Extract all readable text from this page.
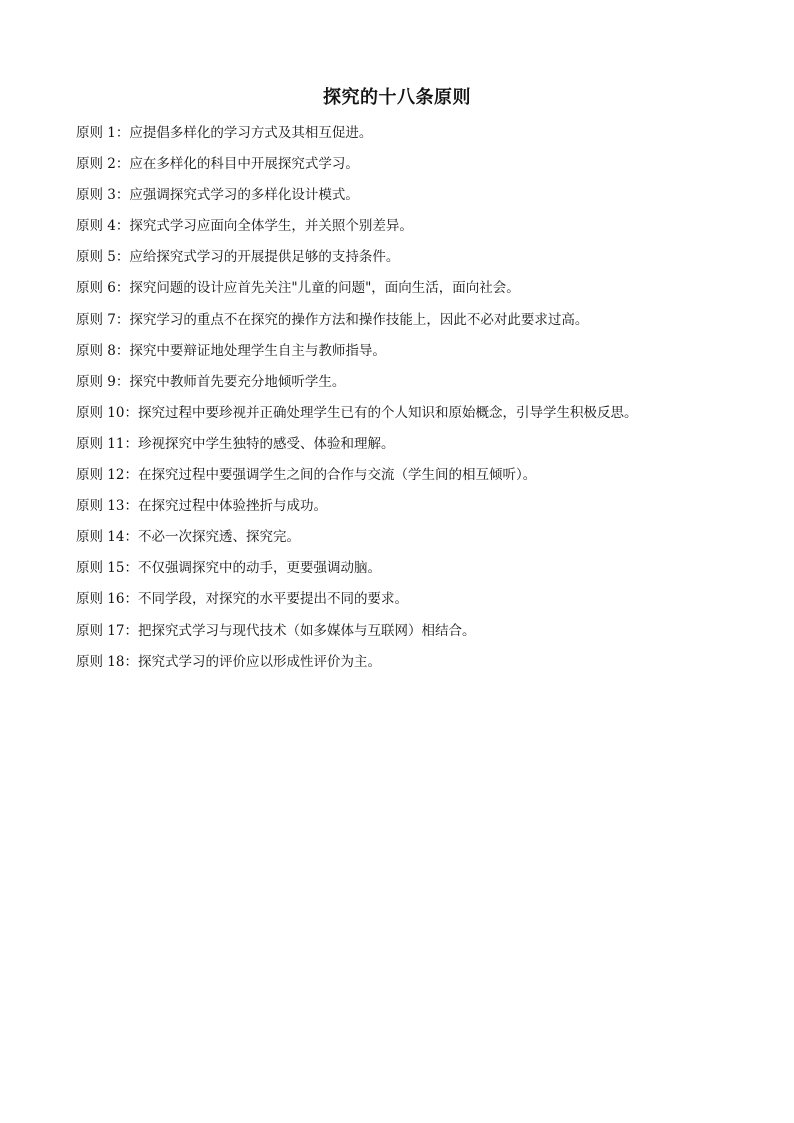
探究的十八条原则
原则 1：应提倡多样化的学习方式及其相互促进。
原则 2：应在多样化的科目中开展探究式学习。
原则 3：应强调探究式学习的多样化设计模式。
原则 4：探究式学习应面向全体学生，并关照个别差异。
原则 5：应给探究式学习的开展提供足够的支持条件。
原则 6：探究问题的设计应首先关注"儿童的问题"，面向生活，面向社会。
原则 7：探究学习的重点不在探究的操作方法和操作技能上，因此不必对此要求过高。
原则 8：探究中要辩证地处理学生自主与教师指导。
原则 9：探究中教师首先要充分地倾听学生。
原则 10：探究过程中要珍视并正确处理学生已有的个人知识和原始概念，引导学生积极反思。
原则 11：珍视探究中学生独特的感受、体验和理解。
原则 12：在探究过程中要强调学生之间的合作与交流（学生间的相互倾听）。
原则 13：在探究过程中体验挫折与成功。
原则 14：不必一次探究透、探究完。
原则 15：不仅强调探究中的动手，更要强调动脑。
原则 16：不同学段，对探究的水平要提出不同的要求。
原则 17：把探究式学习与现代技术（如多媒体与互联网）相结合。
原则 18：探究式学习的评价应以形成性评价为主。
